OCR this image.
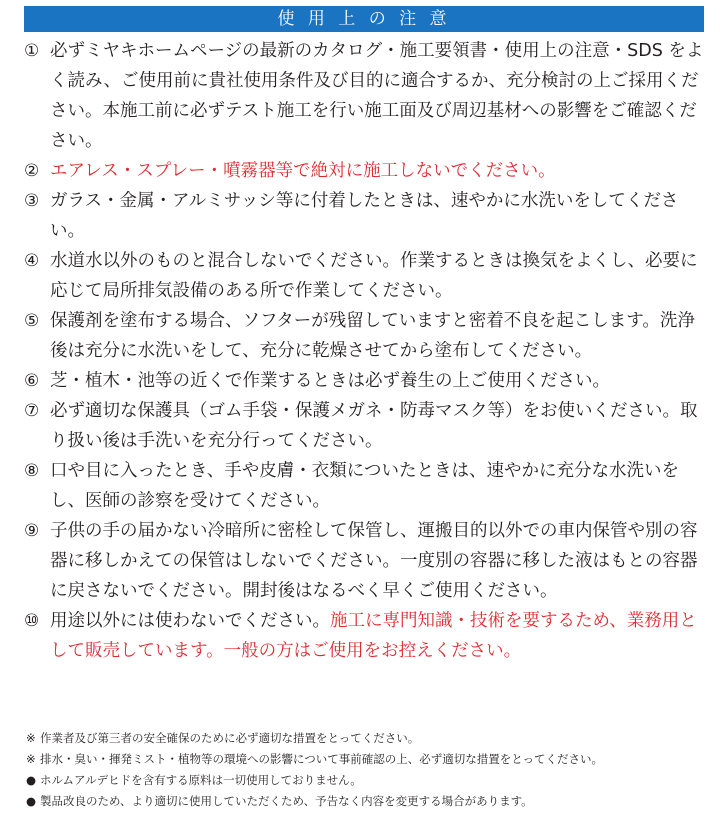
使 用 上 の 注 意
① 必ずミヤキホームページの最新のカタログ・施工要領書・使用上の注意・SDS をよく読み、ご使用前に貴社使用条件及び目的に適合するか、充分検討の上ご採用ください。本施工前に必ずテスト施工を行い施工面及び周辺基材への影響をご確認ください。
② エアレス・スプレー・噴霧器等で絶対に施工しないでください。
③ ガラス・金属・アルミサッシ等に付着したときは、速やかに水洗いをしてください。
④ 水道水以外のものと混合しないでください。作業するときは換気をよくし、必要に応じて局所排気設備のある所で作業してください。
⑤ 保護剤を塗布する場合、ソフターが残留していますと密着不良を起こします。洗浄後は充分に水洗いをして、充分に乾燥させてから塗布してください。
⑥ 芝・植木・池等の近くで作業するときは必ず養生の上ご使用ください。
⑦ 必ず適切な保護具（ゴム手袋・保護メガネ・防毒マスク等）をお使いください。取り扱い後は手洗いを充分行ってください。
⑧ 口や目に入ったとき、手や皮膚・衣類についたときは、速やかに充分な水洗いをし、医師の診察を受けてください。
⑨ 子供の手の届かない冷暗所に密栓して保管し、運搬目的以外での車内保管や別の容器に移しかえての保管はしないでください。一度別の容器に移した液はもとの容器に戻さないでください。開封後はなるべく早くご使用ください。
⑩ 用途以外には使わないでください。施工に専門知識・技術を要するため、業務用として販売しています。一般の方はご使用をお控えください。
※ 作業者及び第三者の安全確保のために必ず適切な措置をとってください。
※ 排水・臭い・揮発ミスト・植物等の環境への影響について事前確認の上、必ず適切な措置をとってください。
● ホルムアルデヒドを含有する原料は一切使用しておりません。
● 製品改良のため、より適切に使用していただくため、予告なく内容を変更する場合があります。
